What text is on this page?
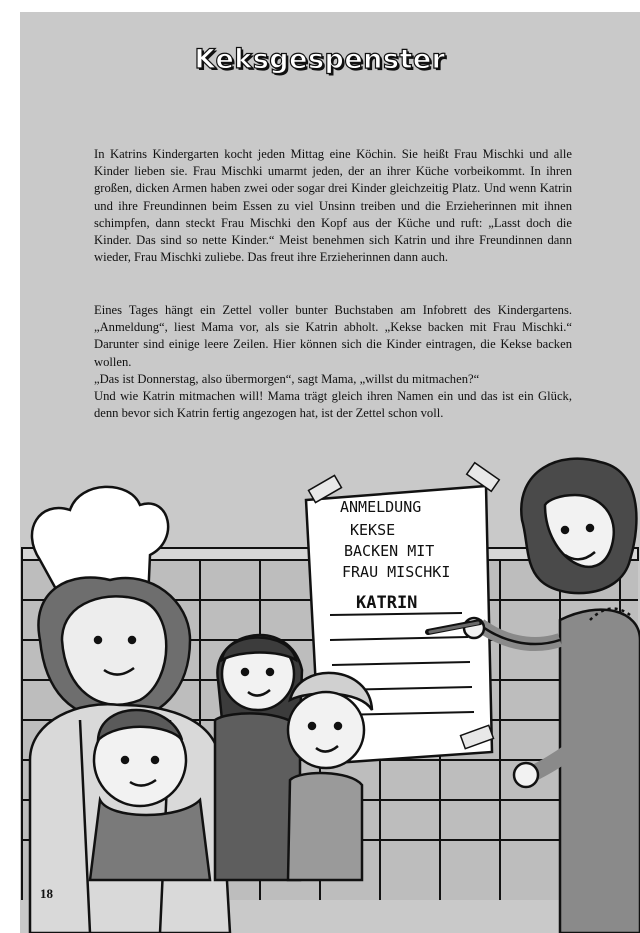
Keksgespenster

In Katrins Kindergarten kocht jeden Mittag eine Köchin. Sie heißt Frau Mischki und alle Kinder lieben sie. Frau Mischki umarmt jeden, der an ihrer Küche vorbeikommt. In ihren großen, dicken Armen haben zwei oder sogar drei Kinder gleichzeitig Platz. Und wenn Katrin und ihre Freundinnen beim Essen zu viel Unsinn treiben und die Erzieherinnen mit ihnen schimpfen, dann steckt Frau Mischki den Kopf aus der Küche und ruft: „Lasst doch die Kinder. Das sind so nette Kinder.“ Meist benehmen sich Katrin und ihre Freundinnen dann wieder, Frau Mischki zuliebe. Das freut ihre Erzieherinnen dann auch.

Eines Tages hängt ein Zettel voller bunter Buchstaben am Infobrett des Kindergartens. „Anmeldung“, liest Mama vor, als sie Katrin abholt. „Kekse backen mit Frau Mischki.“ Darunter sind einige leere Zeilen. Hier können sich die Kinder eintragen, die Kekse backen wollen.

„Das ist Donnerstag, also übermorgen“, sagt Mama, „willst du mitmachen?“

Und wie Katrin mitmachen will! Mama trägt gleich ihren Namen ein und das ist ein Glück, denn bevor sich Katrin fertig angezogen hat, ist der Zettel schon voll.

ANMELDUNG
KEKSE
BACKEN MIT
FRAU MISCHKI
KATRIN
18
